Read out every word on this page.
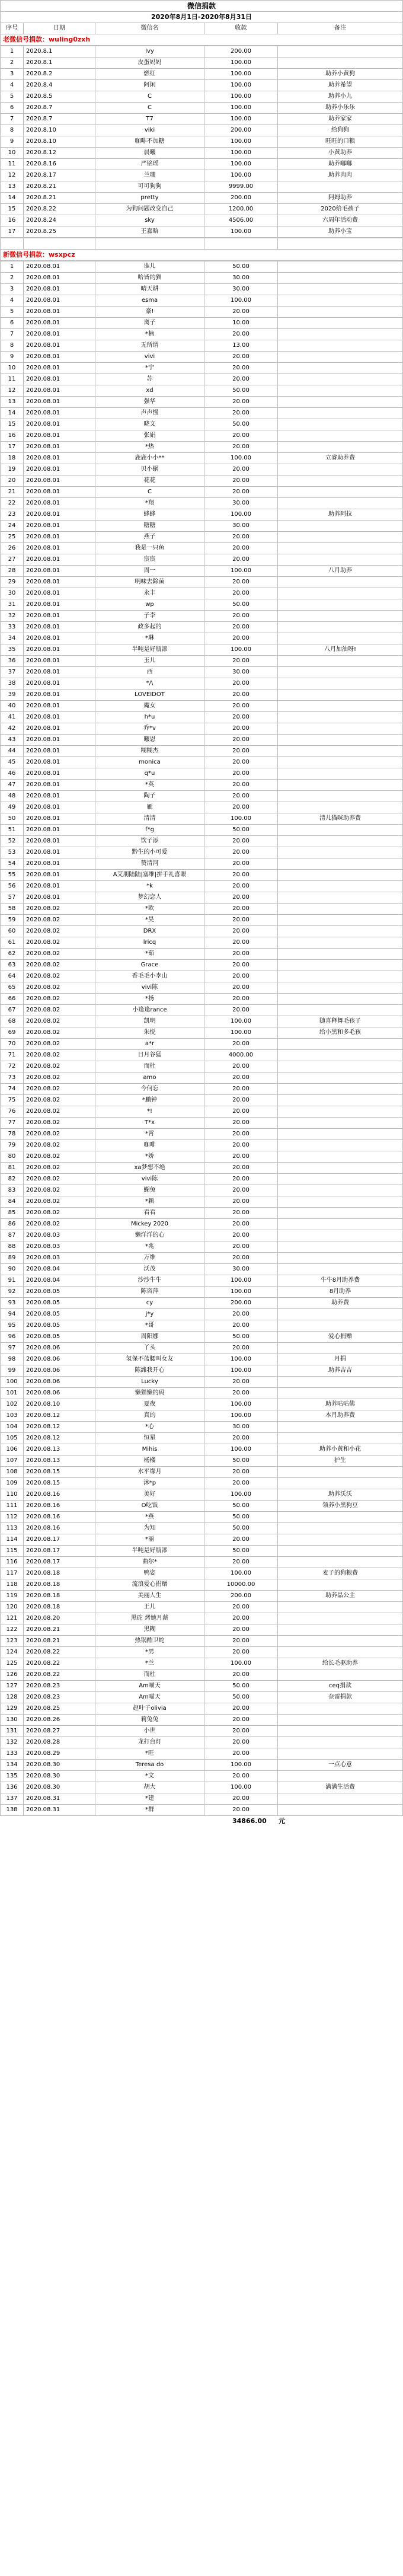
微信捐款
2020年8月1日-2020年8月31日
序号	日期	微信名	收款	备注
老微信号捐款：wuling0zxh
1	2020.8.1	Ivy	200.00	
2	2020.8.1	皮蛋妈妈	100.00	
3	2020.8.2	燃红	100.00	助养小黄狗
4	2020.8.4	阿闲	100.00	助养希望
5	2020.8.5	C	100.00	助养小九
6	2020.8.7	C	100.00	助养小乐乐
7	2020.8.7	T7	100.00	助养家家
8	2020.8.10	viki	200.00	给狗狗
9	2020.8.10	咖啡不加糖	100.00	旺旺的口粮
10	2020.8.12	晨曦	100.00	小黄助养
11	2020.8.16	严铭瑶	100.00	助养嘟嘟
12	2020.8.17	兰珊	100.00	助养肉肉
13	2020.8.21	可可狗狗	9999.00	
14	2020.8.21	pretty	200.00	阿姆助养
15	2020.8.22	为狗问题改变自己	1200.00	2020给毛孩子
16	2020.8.24	sky	4506.00	六周年活动费
17	2020.8.25	王嘉晗	100.00	助养小宝

新微信号捐款：wsxpcz
1	2020.08.01	谁儿	50.00	
2	2020.08.01	哈皆的猫	30.00	
3	2020.08.01	晴天耕	30.00	
4	2020.08.01	esma	100.00	
5	2020.08.01	豪!	20.00	
6	2020.08.01	离子	10.00	
7	2020.08.01	*楠	20.00	
8	2020.08.01	无所谓	13.00	
9	2020.08.01	vivi	20.00	
10	2020.08.01	*宁	20.00	
11	2020.08.01	苏	20.00	
12	2020.08.01	xd	50.00	
13	2020.08.01	强华	20.00	
14	2020.08.01	声声慢	20.00	
15	2020.08.01	晓文	50.00	
16	2020.08.01	张娟	20.00	
17	2020.08.01	*热	20.00	
18	2020.08.01	鹿鹿小小**	100.00	立睿助养费
19	2020.08.01	贝小蜗	20.00	
20	2020.08.01	花花	20.00	
21	2020.08.01	C	20.00	
22	2020.08.01	*翔	30.00	
23	2020.08.01	蜂蜂	100.00	助养阿拉
24	2020.08.01	糖糖	30.00	
25	2020.08.01	燕子	20.00	
26	2020.08.01	我是一只鱼	20.00	
27	2020.08.01	宸宸	20.00	
28	2020.08.01	周一	100.00	八月助养
29	2020.08.01	明味去除菌	20.00	
30	2020.08.01	永丰	20.00	
31	2020.08.01	wp	50.00	
32	2020.08.01	子李	20.00	
33	2020.08.01	政多起的	20.00	
34	2020.08.01	*琳	20.00	
35	2020.08.01	半吨是好瓶漆	100.00	八月加油呀!
36	2020.08.01	玉儿	20.00	
37	2020.08.01	西	30.00	
38	2020.08.01	*/\	20.00	
39	2020.08.01	LOVEIDOT	20.00	
40	2020.08.01	魔女	20.00	
41	2020.08.01	h*u	20.00	
42	2020.08.01	乔*v	20.00	
43	2020.08.01	曦恩	20.00	
44	2020.08.01	糯糯杰	20.00	
45	2020.08.01	monica	20.00	
46	2020.08.01	q*u	20.00	
47	2020.08.01	*英	20.00	
48	2020.08.01	陶子	20.00	
49	2020.08.01	雁	20.00	
50	2020.08.01	清清	100.00	清儿猫咪助养费
51	2020.08.01	f*g	50.00	
52	2020.08.01	饮子添	20.00	
53	2020.08.01	黔生的小可爱	20.00	
54	2020.08.01	赞清河	20.00	
55	2020.08.01	A艾朋陆陆|塞维|拼手礼喜眼	20.00	
56	2020.08.01	*k	20.00	
57	2020.08.01	梦幻恋人	20.00	
58	2020.08.02	*欧	20.00	
59	2020.08.02	*昊	20.00	
60	2020.08.02	DRX	20.00	
61	2020.08.02	lricq	20.00	
62	2020.08.02	*茹	20.00	
63	2020.08.02	Grace	20.00	
64	2020.08.02	香毛毛小李山	20.00	
65	2020.08.02	vivi陈	20.00	
66	2020.08.02	*扬	20.00	
67	2020.08.02	小逢逢rance	20.00	
68	2020.08.02	凯明	100.00	随喜释舞毛孩子
69	2020.08.02	朱悦	100.00	给小黑和多毛孩
70	2020.08.02	a*r	20.00	
71	2020.08.02	日月谷猛	4000.00	
72	2020.08.02	而杜	20.00	
73	2020.08.02	amo	20.00	
74	2020.08.02	今何忘	20.00	
75	2020.08.02	*鹏钟	20.00	
76	2020.08.02	*!	20.00	
77	2020.08.02	T*x	20.00	
78	2020.08.02	*霄	20.00	
79	2020.08.02	咖啡	20.00	
80	2020.08.02	*娇	20.00	
81	2020.08.02	xa梦想不绝	20.00	
82	2020.08.02	vivi陈	20.00	
83	2020.08.02	蝴兔	20.00	
84	2020.08.02	*颖	20.00	
85	2020.08.02	看看	20.00	
86	2020.08.02	Mickey 2020	20.00	
87	2020.08.03	懒洋洋的心	20.00	
88	2020.08.03	*兆	20.00	
89	2020.08.03	万维	20.00	
90	2020.08.04	沃茂	30.00	
91	2020.08.04	沙沙牛牛	100.00	牛牛8月助养费
92	2020.08.05	陈咨萍	100.00	8月助养
93	2020.08.05	cy	200.00	助养费
94	2020.08.05	j*y	20.00	
95	2020.08.05	*哥	20.00	
96	2020.08.05	周阳娜	50.00	爱心捐赠
97	2020.08.06	丫头	20.00	
98	2020.08.06	氢保不蓝腰叫女友	100.00	月捐
99	2020.08.06	陈潍我开心	100.00	助养吉吉
100	2020.08.06	Lucky	20.00	
101	2020.08.06	懒猫懒的码	20.00	
102	2020.08.10	夏夜	100.00	助养咕咕佛
103	2020.08.12	真的	100.00	本月助养费
104	2020.08.12	*心	30.00	
105	2020.08.12	恒星	20.00	
106	2020.08.13	Mihis	100.00	助养小黄和小花
107	2020.08.13	杨楼	50.00	护生
108	2020.08.15	水平缘月	20.00	
109	2020.08.15	沐*p	20.00	
110	2020.08.16	美好	100.00	助养沃沃
111	2020.08.16	O吃饭	50.00	领养小黑狗豆
112	2020.08.16	*燕	50.00	
113	2020.08.16	为知	50.00	
114	2020.08.17	*丽	20.00	
115	2020.08.17	半吨是好瓶漆	50.00	
116	2020.08.17	曲尔*	20.00	
117	2020.08.18	鸭姿	100.00	麦子的狗粮费
118	2020.08.18	流浪爱心捐赠	10000.00	
119	2020.08.18	美丽人生	200.00	助养晶公主
120	2020.08.18	王儿	20.00	
121	2020.08.20	黑砣 烤她月薪	20.00	
122	2020.08.21	黑糊	20.00	
123	2020.08.21	热锅酷卫蛇	20.00	
124	2020.08.22	*男	20.00	
125	2020.08.22	*兰	100.00	给长毛驱助养
126	2020.08.22	而杜	20.00	
127	2020.08.23	Am喵天	50.00	ceq捐款
128	2020.08.23	Am喵天	50.00	奈雷捐款
129	2020.08.25	赵叶子olivia	20.00	
130	2020.08.26	莉兔兔	20.00	
131	2020.08.27	小世	20.00	
132	2020.08.28	龙打台灯	20.00	
133	2020.08.29	*旺	20.00	
134	2020.08.30	Teresa do	100.00	一点心意
135	2020.08.30	*文	20.00	
136	2020.08.30	胡大	100.00	满满生活费
137	2020.08.31	*建	20.00	
138	2020.08.31	*群	20.00	
34866.00 元
